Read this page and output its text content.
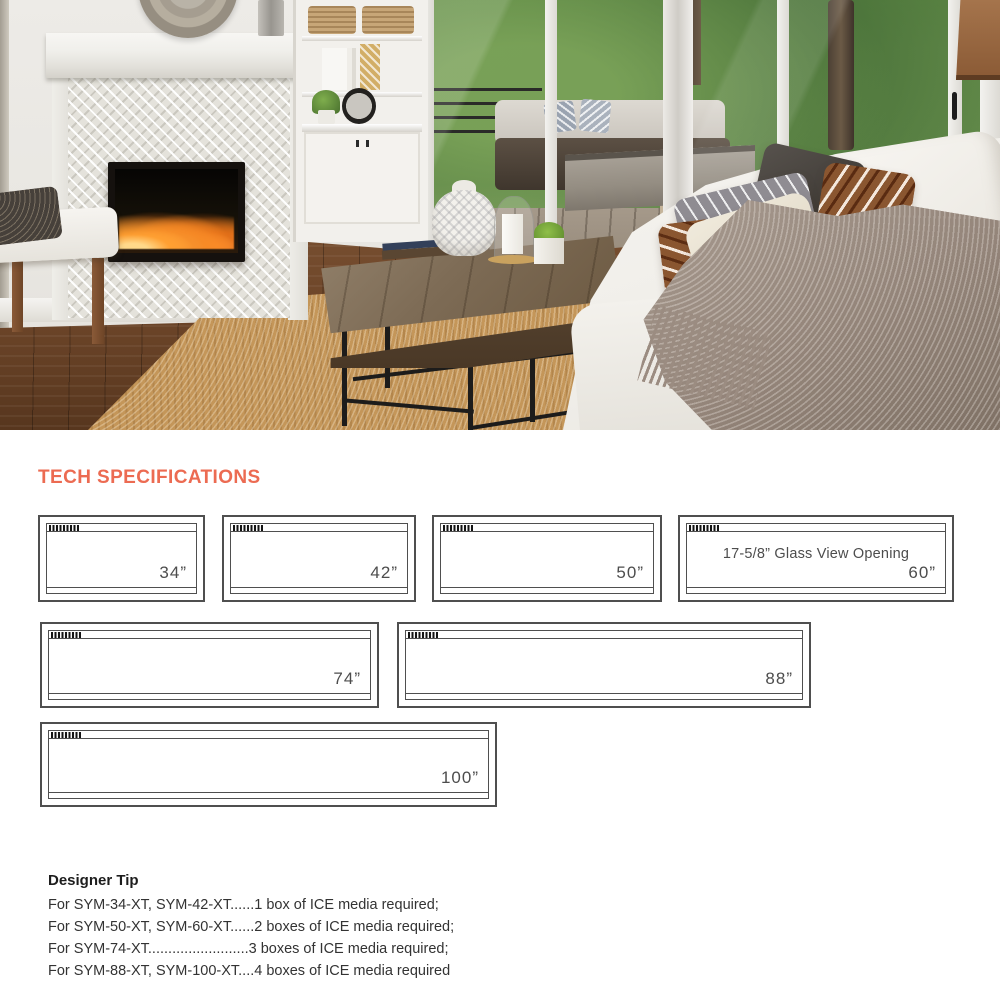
TECH SPECIFICATIONS
34”	42”	50”
17-5/8” Glass View Opening
60”
74”	88”
100”
Designer Tip
For SYM-34-XT, SYM-42-XT......1 box of ICE media required;
For SYM-50-XT, SYM-60-XT......2 boxes of ICE media required;
For SYM-74-XT.........................3 boxes of ICE media required;
For SYM-88-XT, SYM-100-XT....4 boxes of ICE media required
